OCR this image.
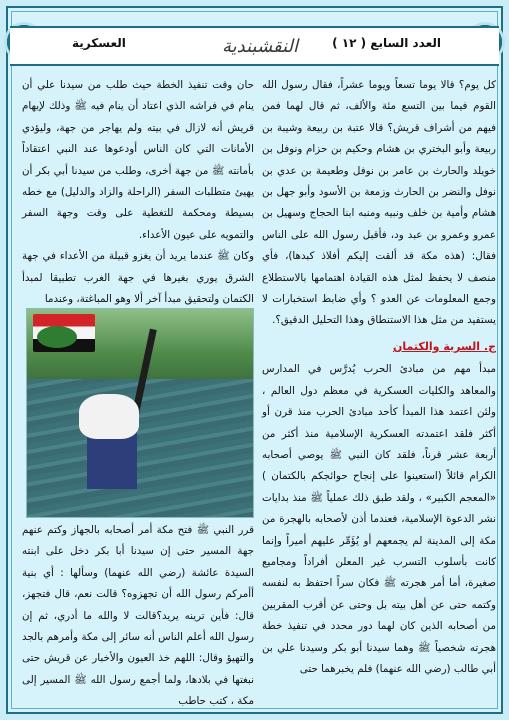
العدد السابع ( ١٢ )
النقشبندية
العسكرية

كل يوم؟ قالا يوما تسعاً ويوما عشراً، فقال رسول الله القوم فيما بين التسع مئة والألف، ثم قال لهما فمن فيهم من أشراف قريش؟ قالا عتبة بن ربيعة وشيبة بن ربيعة وأبو البختري بن هشام وحكيم بن حزام ونوفل بن خويلد والحارث بن عامر بن نوفل وطعيمة بن عدي بن نوفل والنضر بن الحارث وزمعة بن الأسود وأبو جهل بن هشام وأمية بن خلف ونبيه ومنبه ابنا الحجاج وسهيل بن عمرو وعمرو بن عبد ود، فأقبل رسول الله على الناس فقال: (هذه مكة قد ألقت إليكم أفلاذ كبدها)، فأي منصف لا يحفظ لمثل هذه القيادة اهتمامها بالاستطلاع وجمع المعلومات عن العدو ؟ وأي ضابط استخبارات لا يستفيد من مثل هذا الاستنطاق وهذا التحليل الدقيق؟.

ج. السرية والكتمان

مبدأ مهم من مبادئ الحرب يُدرَّس في المدارس والمعاهد والكليات العسكرية في معظم دول العالم ، ولئن اعتمد هذا المبدأ كأحد مبادئ الحرب منذ قرن أو أكثر فلقد اعتمدته العسكرية الإسلامية منذ أكثر من أربعة عشر قرناً، فلقد كان النبي ﷺ يوصي أصحابه الكرام قائلاً (استعينوا على إنجاح حوائجكم بالكتمان ) «المعجم الكبير» ، ولقد طبق ذلك عملياً ﷺ منذ بدايات نشر الدعوة الإسلامية، فعندما أذن لأصحابه بالهجرة من مكة إلى المدينة لم يجمعهم أو يُؤَمِّر عليهم أميراً وإنما كانت بأسلوب التسرب غير المعلن أفراداً ومجاميع صغيرة، أما أمر هجرته ﷺ فكان سراً احتفظ به لنفسه وكتمه حتى عن أهل بيته بل وحتى عن أقرب المقربين من أصحابه الذين كان لهما دور محدد في تنفيذ خطة هجرته شخصياً ﷺ وهما سيدنا أبو بكر وسيدنا علي بن أبي طالب (رضي الله عنهما) فلم يخبرهما حتى

حان وقت تنفيذ الخطة حيث طلب من سيدنا علي أن ينام في فراشه الذي اعتاد أن ينام فيه ﷺ وذلك لإيهام قريش أنه لازال في بيته ولم يهاجر من جهة، وليؤدي الأمانات التي كان الناس أودعوها عند النبي اعتقاداً بأمانته ﷺ من جهة أخرى، وطلب من سيدنا أبي بكر أن يهيئ متطلبات السفر (الراحلة والزاد والدليل) مع خطه بسيطة ومحكمة للتغطية على وقت وجهة السفر والتمويه على عيون الأعداء.

وكان ﷺ عندما يريد أن يغزو قبيلة من الأعداء في جهة الشرق يوري بغيرها في جهة الغرب تطبيقا لمبدأ الكتمان ولتحقيق مبدأ آخر ألا وهو المباغتة، وعندما

قرر النبي ﷺ فتح مكة أمر أصحابه بالجهاز وكتم عنهم جهة المسير حتى إن سيدنا أبا بكر دخل على ابنته السيدة عائشة (رضي الله عنهما) وسألها : أي بنية أأمركم رسول الله أن تجهزوه؟ قالت نعم، قال فتجهز، قال: فأين ترينه يريد؟قالت لا والله ما أدري، ثم إن رسول الله أعلم الناس أنه سائر إلى مكة وأمرهم بالجد والتهيؤ وقال: اللهم خذ العيون والأخبار عن قريش حتى نبغتها في بلادها، ولما أجمع رسول الله ﷺ المسير إلى مكة ، كتب حاطب
